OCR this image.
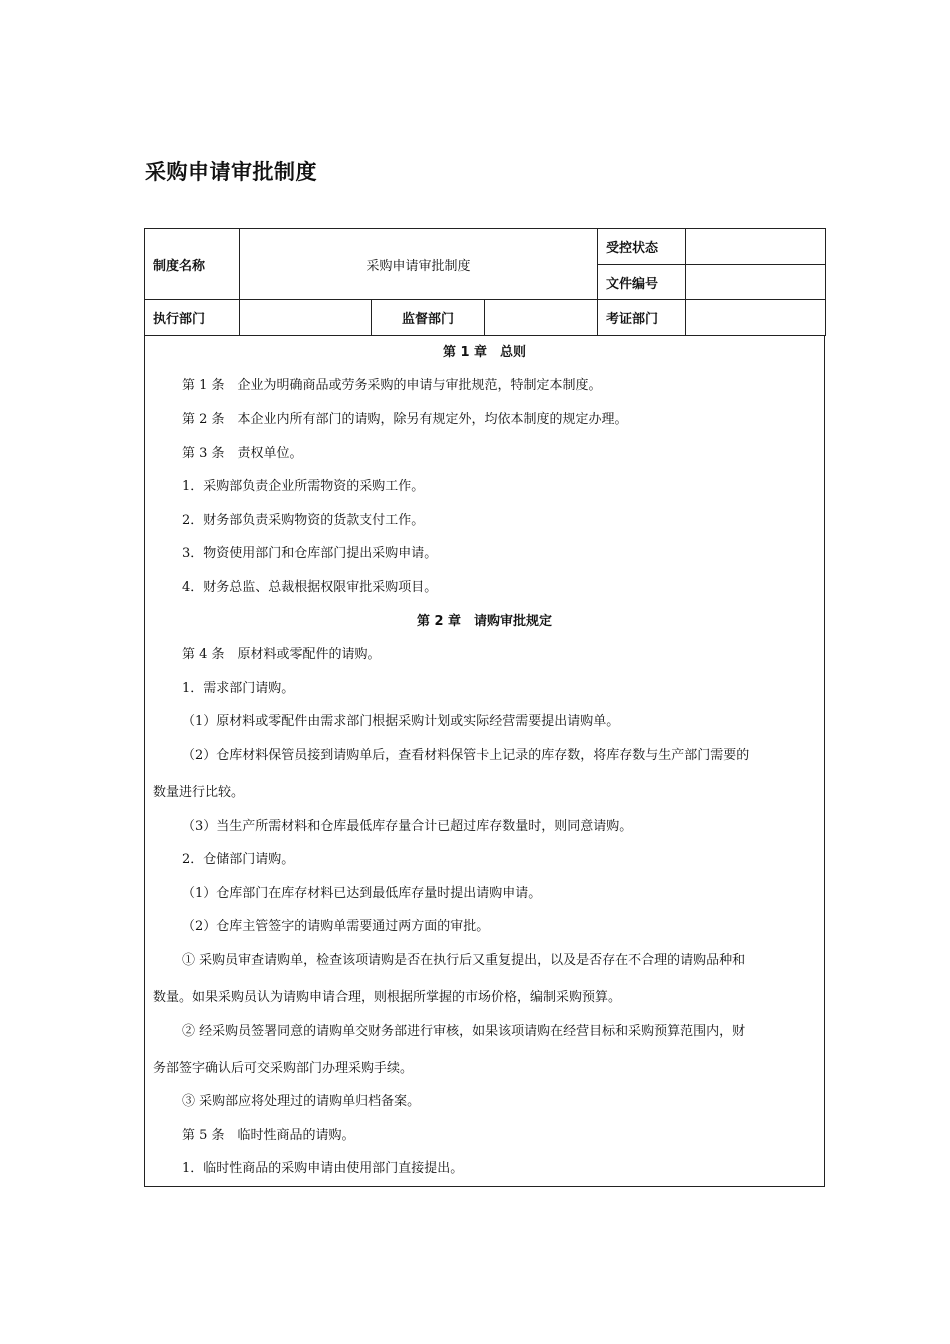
采购申请审批制度
制度名称	采购申请审批制度			受控状态	
				文件编号	
执行部门		监督部门		考证部门	
第 1 章　总则
第 1 条　企业为明确商品或劳务采购的申请与审批规范，特制定本制度。
第 2 条　本企业内所有部门的请购，除另有规定外，均依本制度的规定办理。
第 3 条　责权单位。
1．采购部负责企业所需物资的采购工作。
2．财务部负责采购物资的货款支付工作。
3．物资使用部门和仓库部门提出采购申请。
4．财务总监、总裁根据权限审批采购项目。
第 2 章　请购审批规定
第 4 条　原材料或零配件的请购。
1．需求部门请购。
（1）原材料或零配件由需求部门根据采购计划或实际经营需要提出请购单。
（2）仓库材料保管员接到请购单后，查看材料保管卡上记录的库存数，将库存数与生产部门需要的
数量进行比较。
（3）当生产所需材料和仓库最低库存量合计已超过库存数量时，则同意请购。
2．仓储部门请购。
（1）仓库部门在库存材料已达到最低库存量时提出请购申请。
（2）仓库主管签字的请购单需要通过两方面的审批。
① 采购员审查请购单，检查该项请购是否在执行后又重复提出，以及是否存在不合理的请购品种和
数量。如果采购员认为请购申请合理，则根据所掌握的市场价格，编制采购预算。
② 经采购员签署同意的请购单交财务部进行审核，如果该项请购在经营目标和采购预算范围内，财
务部签字确认后可交采购部门办理采购手续。
③ 采购部应将处理过的请购单归档备案。
第 5 条　临时性商品的请购。
1．临时性商品的采购申请由使用部门直接提出。
